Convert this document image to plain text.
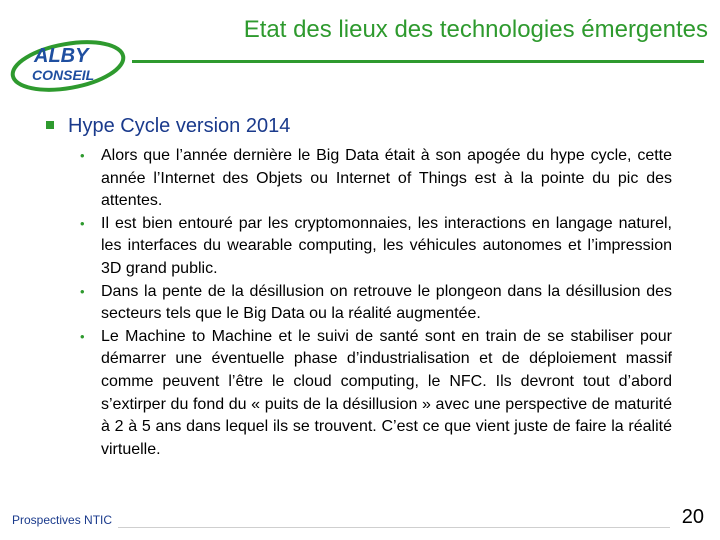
ALBY
CONSEIL
Etat des lieux des technologies émergentes
Hype Cycle version 2014
• Alors que l’année dernière le Big Data était à son apogée du hype cycle, cette année l’Internet des Objets ou Internet of Things est à la pointe du pic des attentes.
• Il est bien entouré par les cryptomonnaies, les interactions en langage naturel, les interfaces du wearable computing, les véhicules autonomes et l’impression 3D grand public.
• Dans la pente de la désillusion on retrouve le plongeon dans la désillusion des secteurs tels que le Big Data ou la réalité augmentée.
• Le Machine to Machine et le suivi de santé sont en train de se stabiliser pour démarrer une éventuelle phase d’industrialisation et de déploiement massif comme peuvent l’être le cloud computing, le NFC. Ils devront tout d’abord s’extirper du fond du « puits de la désillusion » avec une perspective de maturité à 2 à 5 ans dans lequel ils se trouvent. C’est ce que vient juste de faire la réalité virtuelle.
Prospectives NTIC	20
